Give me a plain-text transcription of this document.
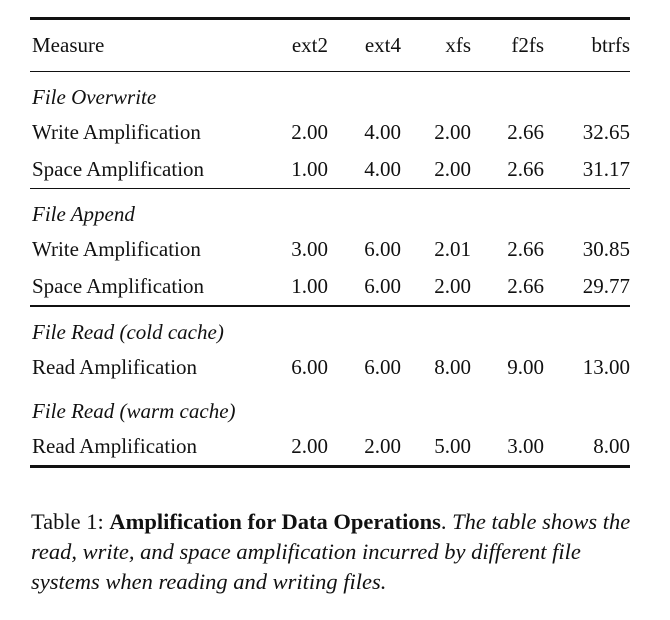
Measure	ext2	ext4	xfs	f2fs	btrfs
File Overwrite					
Write Amplification	2.00	4.00	2.00	2.66	32.65
Space Amplification	1.00	4.00	2.00	2.66	31.17
File Append					
Write Amplification	3.00	6.00	2.01	2.66	30.85
Space Amplification	1.00	6.00	2.00	2.66	29.77
File Read (cold cache)					
Read Amplification	6.00	6.00	8.00	9.00	13.00
File Read (warm cache)					
Read Amplification	2.00	2.00	5.00	3.00	8.00
Table 1: Amplification for Data Operations. The table shows the read, write, and space amplification incurred by different file systems when reading and writing files.
